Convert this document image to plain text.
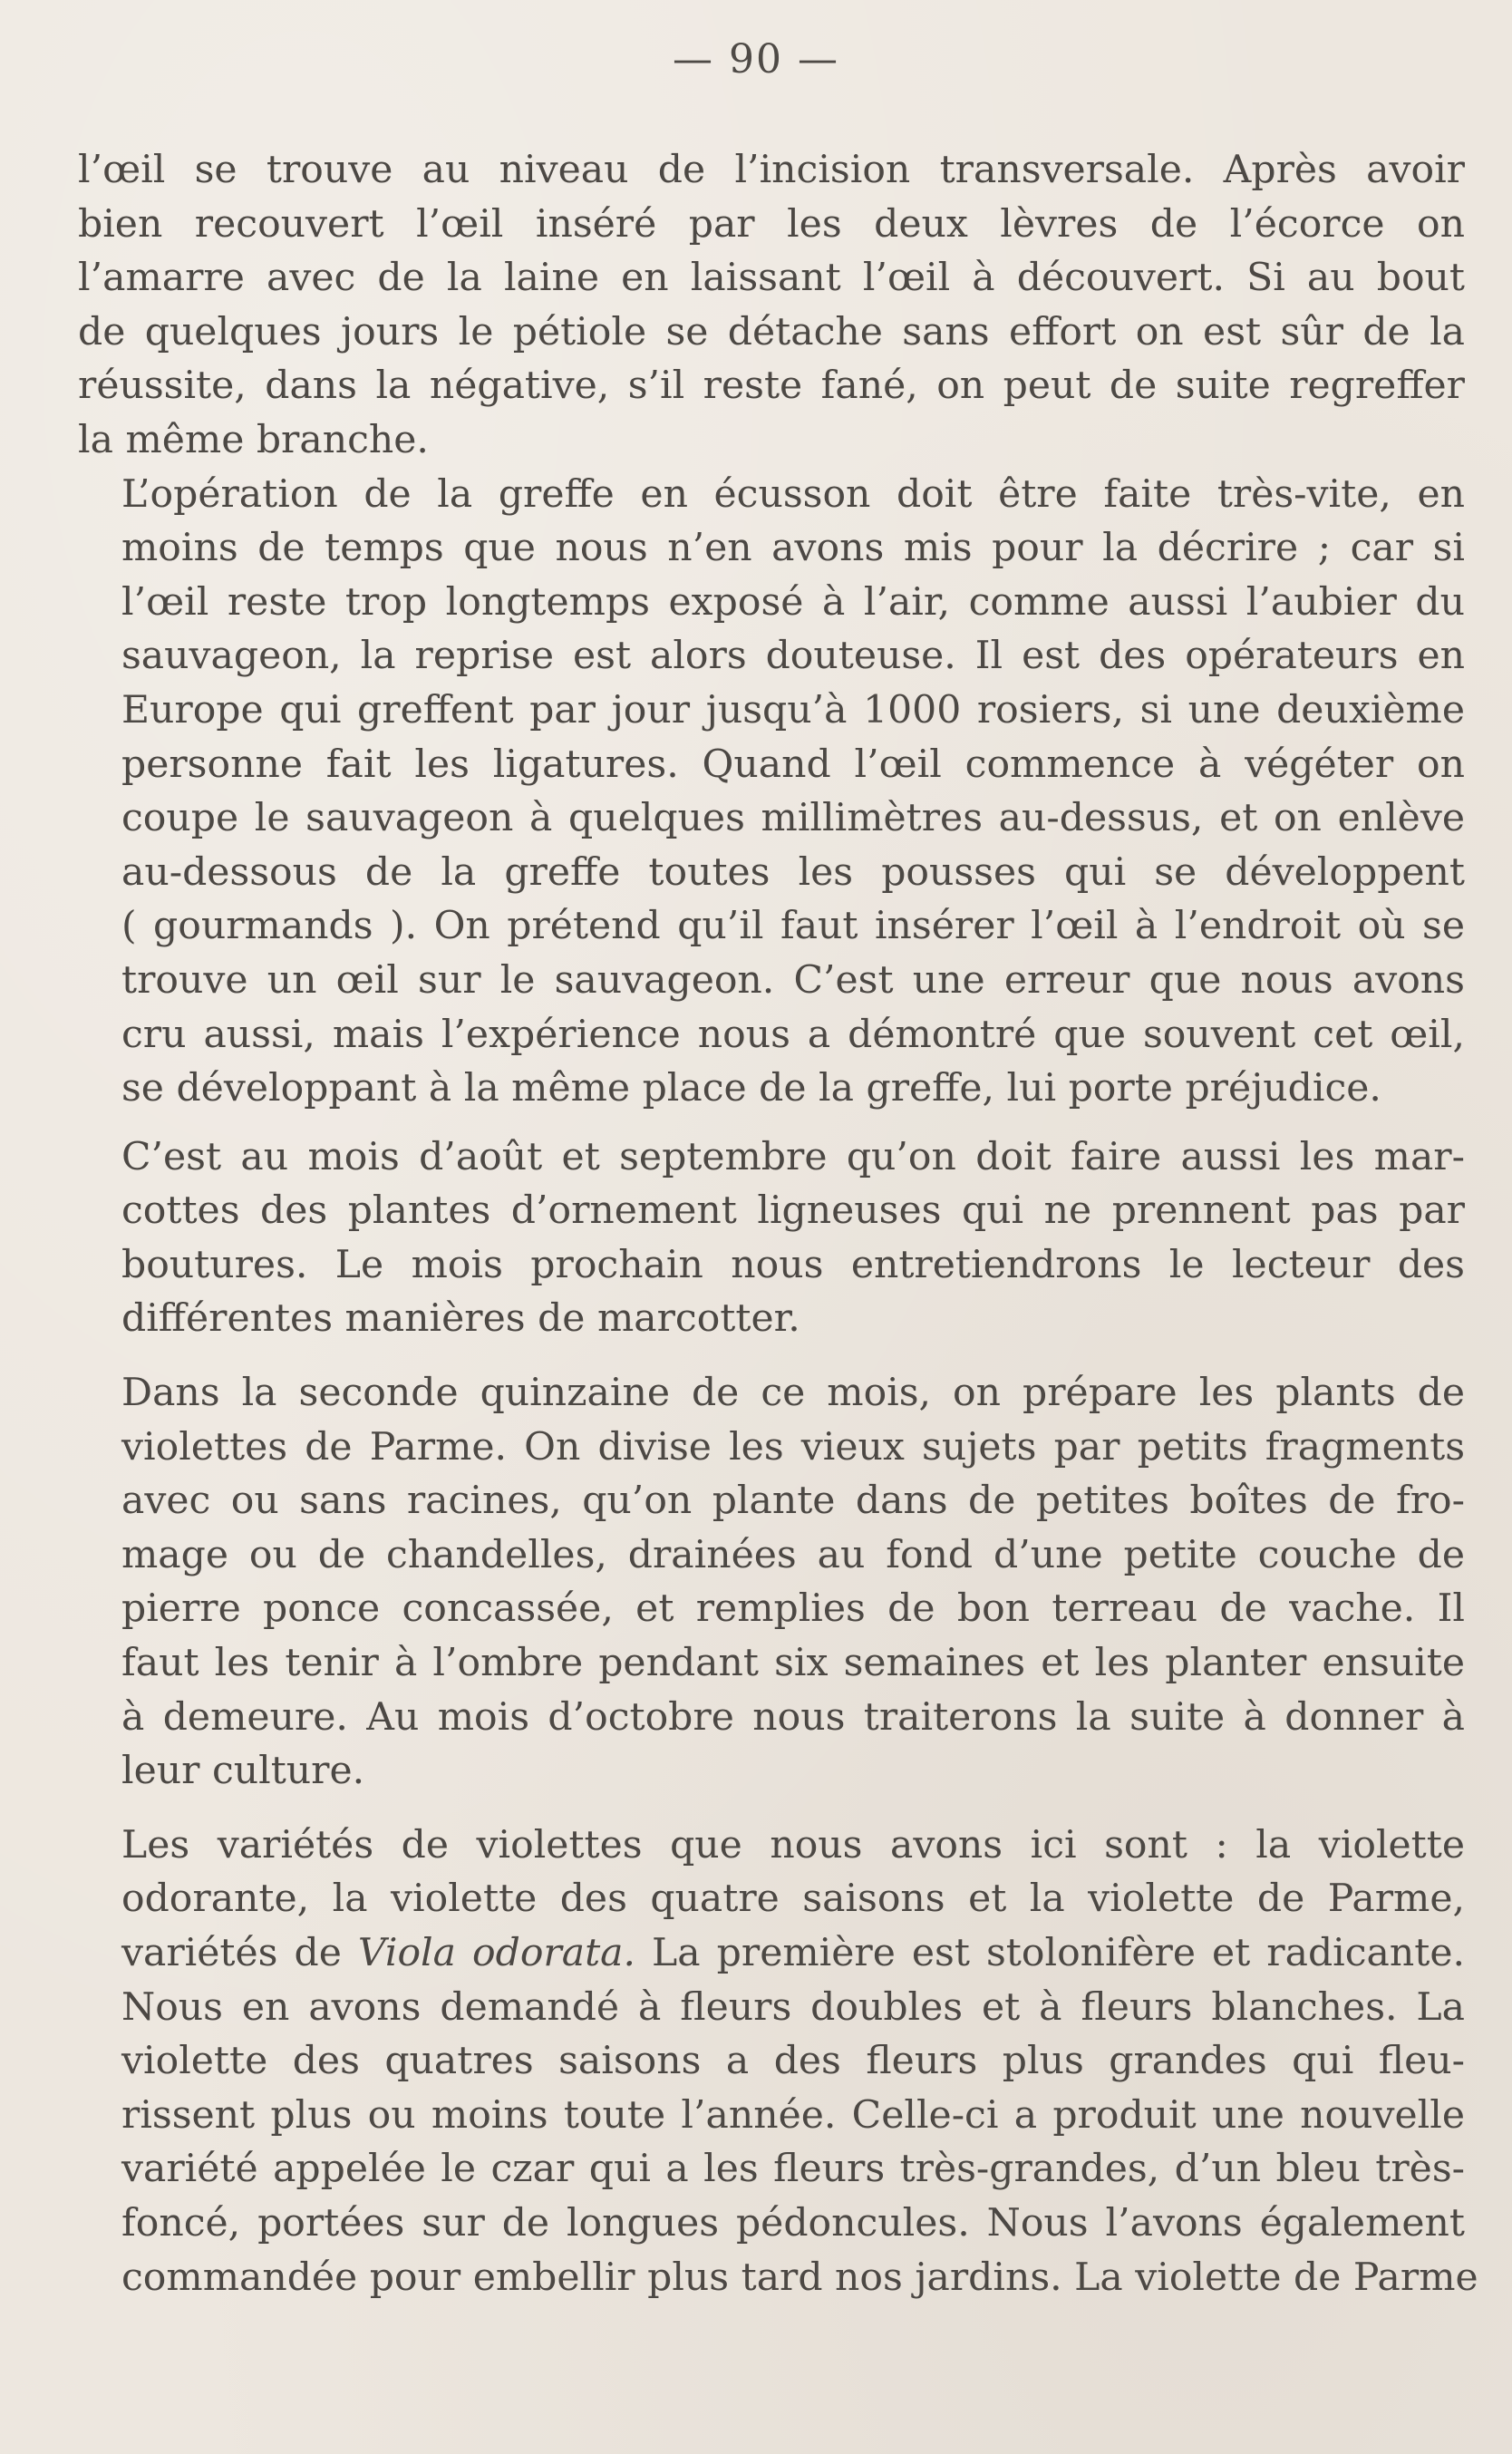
— 90 —

l’œil se trouve au niveau de l’incision transversale. Après avoir
bien recouvert l’œil inséré par les deux lèvres de l’écorce on
l’amarre avec de la laine en laissant l’œil à découvert. Si au bout
de quelques jours le pétiole se détache sans effort on est sûr de la
réussite, dans la négative, s’il reste fané, on peut de suite regreffer
la même branche.

L’opération de la greffe en écusson doit être faite très-vite, en
moins de temps que nous n’en avons mis pour la décrire ; car si
l’œil reste trop longtemps exposé à l’air, comme aussi l’aubier du
sauvageon, la reprise est alors douteuse. Il est des opérateurs en
Europe qui greffent par jour jusqu’à 1000 rosiers, si une deuxième
personne fait les ligatures. Quand l’œil commence à végéter on
coupe le sauvageon à quelques millimètres au-dessus, et on enlève
au-dessous de la greffe toutes les pousses qui se développent
( gourmands ). On prétend qu’il faut insérer l’œil à l’endroit où se
trouve un œil sur le sauvageon. C’est une erreur que nous avons
cru aussi, mais l’expérience nous a démontré que souvent cet œil,
se développant à la même place de la greffe, lui porte préjudice.

C’est au mois d’août et septembre qu’on doit faire aussi les mar-
cottes des plantes d’ornement ligneuses qui ne prennent pas par
boutures. Le mois prochain nous entretiendrons le lecteur des
différentes manières de marcotter.

Dans la seconde quinzaine de ce mois, on prépare les plants de
violettes de Parme. On divise les vieux sujets par petits fragments
avec ou sans racines, qu’on plante dans de petites boîtes de fro-
mage ou de chandelles, drainées au fond d’une petite couche de
pierre ponce concassée, et remplies de bon terreau de vache. Il
faut les tenir à l’ombre pendant six semaines et les planter ensuite
à demeure. Au mois d’octobre nous traiterons la suite à donner à
leur culture.

Les variétés de violettes que nous avons ici sont : la violette
odorante, la violette des quatre saisons et la violette de Parme,
variétés de Viola odorata. La première est stolonifère et radicante.
Nous en avons demandé à fleurs doubles et à fleurs blanches. La
violette des quatres saisons a des fleurs plus grandes qui fleu-
rissent plus ou moins toute l’année. Celle-ci a produit une nouvelle
variété appelée le czar qui a les fleurs très-grandes, d’un bleu très-
foncé, portées sur de longues pédoncules. Nous l’avons également
commandée pour embellir plus tard nos jardins. La violette de Parme
